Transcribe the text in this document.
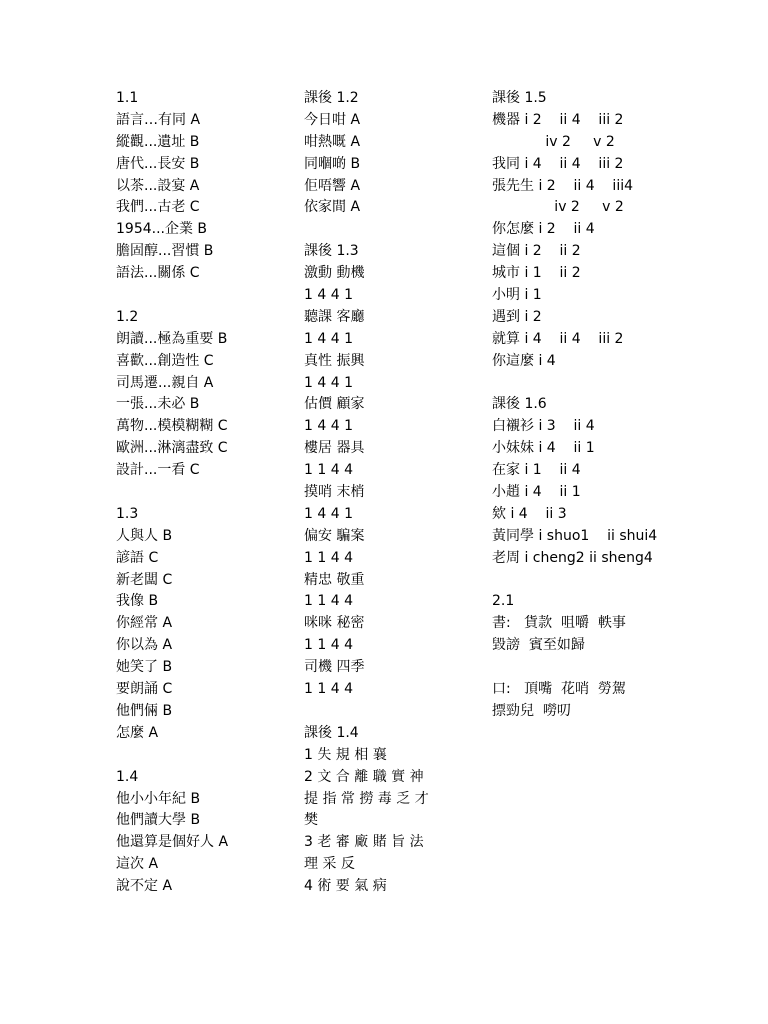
1.1
語言…有同 A
縱觀...遺址 B
唐代...長安 B
以茶...設宴 A
我們...古老 C
1954...企業 B
膽固醇...習慣 B
語法...關係 C
1.2
朗讀...極為重要 B
喜歡...創造性 C
司馬遷...親自 A
一張...未必 B
萬物...模模糊糊 C
歐洲...淋漓盡致 C
設計...一看 C
1.3
人與人 B
諺語 C
新老闆 C
我像 B
你經常 A
你以為 A
她笑了 B
要朗誦 C
他們倆 B
怎麼 A
1.4
他小小年紀 B
他們讀大學 B
他還算是個好人 A
這次 A
說不定 A
課後 1.2
今日咁 A
咁熱嘅 A
同嗰啲 B
佢唔響 A
依家間 A
課後 1.3
激動 動機
1 4 4 1
聽課 客廳
1 4 4 1
真性 振興
1 4 4 1
估價 顧家
1 4 4 1
樓居 器具
1 1 4 4
摸哨 末梢
1 4 4 1
偏安 騙案
1 1 4 4
精忠 敬重
1 1 4 4
咪咪 秘密
1 1 4 4
司機 四季
1 1 4 4
課後 1.4
1 失 規 相 襄
2 文 合 離 職 實 神
提 指 常 撈 毒 乏 才
樊
3 老 審 廠 賭 旨 法
理 采 反
4 術 要 氣 病
課後 1.5
機器 i 2    ii 4    iii 2
iv 2     v 2
我同 i 4    ii 4    iii 2
張先生 i 2    ii 4    iii4
iv 2     v 2
你怎麼 i 2    ii 4
這個 i 2    ii 2
城市 i 1    ii 2
小明 i 1
遇到 i 2
就算 i 4    ii 4    iii 2
你這麼 i 4
課後 1.6
白襯衫 i 3    ii 4
小妹妹 i 4    ii 1
在家 i 1    ii 4
小趙 i 4    ii 1
欸 i 4    ii 3
黃同學 i shuo1    ii shui4
老周 i cheng2 ii sheng4
2.1
書:   貨款  咀嚼  軼事
毀謗  賓至如歸
口:   頂嘴  花哨  勞駕
摽勁兒  嘮叨
